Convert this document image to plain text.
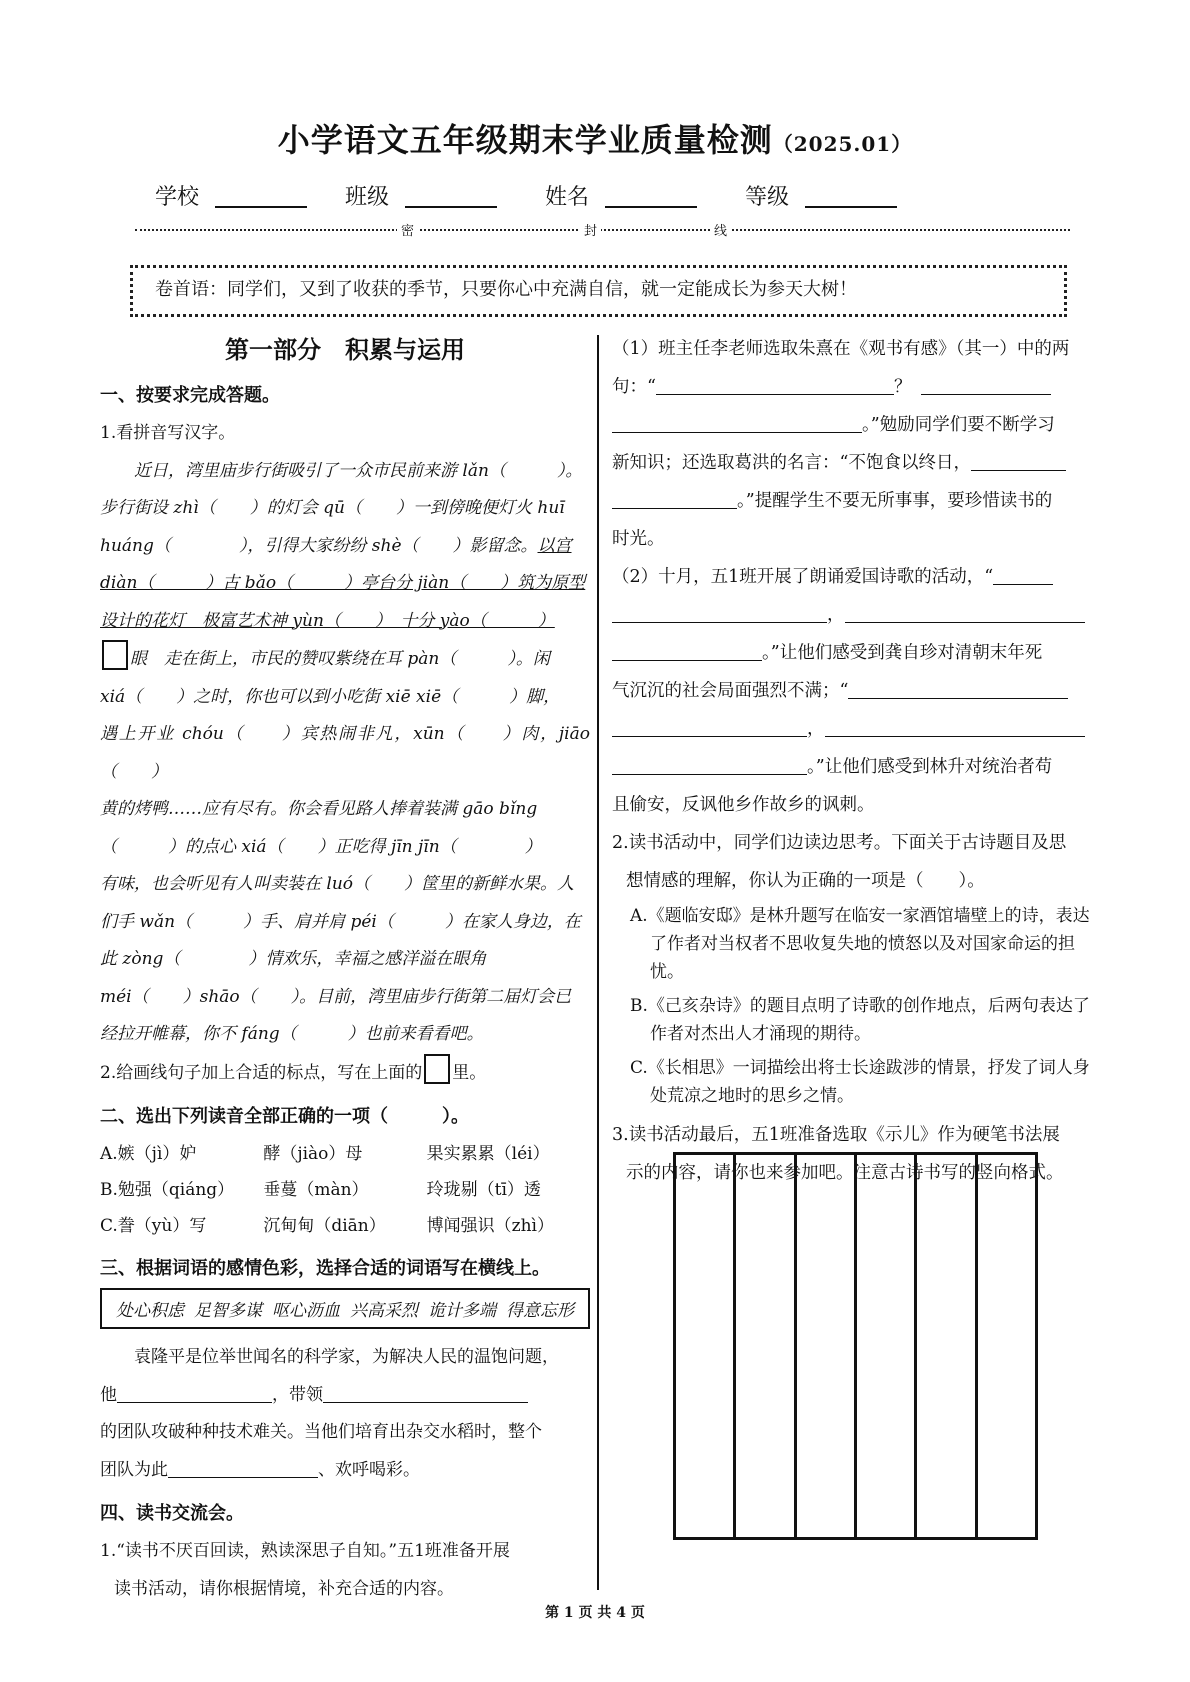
小学语文五年级期末学业质量检测（2025.01）
学校	班级	姓名	等级
密	封	线
卷首语：同学们，又到了收获的季节，只要你心中充满自信，就一定能成长为参天大树！
第一部分　积累与运用
一、按要求完成答题。

1.看拼音写汉字。

近日，湾里庙步行街吸引了一众市民前来游 lǎn（　　　）。

步行街设 zhì（　　）的灯会 qū（　　）一到傍晚便灯火 huī

huáng（　　　　），引得大家纷纷 shè（　　）影留念。以宫

diàn（　　　）古 bǎo（　　　）亭台分 jiàn（　　）筑为原型

设计的花灯　极富艺术神 yùn（　　）　十分 yào（　　　）

眼　走在街上，市民的赞叹紫绕在耳 pàn（　　　）。闲

xiá（　　）之时，你也可以到小吃街 xiē xiē（　　　）脚，

遇上开业 chóu（　　）宾热闹非凡，xūn（　　）肉，jiāo（　　）

黄的烤鸭……应有尽有。你会看见路人捧着装满 gāo bǐng

（　　　）的点心 xiá（　　）正吃得 jīn jīn（　　　　）

有味，也会听见有人叫卖装在 luó（　　）筐里的新鲜水果。人

们手 wǎn（　　　）手、肩并肩 péi（　　　）在家人身边，在

此 zòng（　　　　）情欢乐，幸福之感洋溢在眼角

méi（　　）shāo（　　）。目前，湾里庙步行街第二届灯会已

经拉开帷幕，你不 fáng（　　　）也前来看看吧。

2.给画线句子加上合适的标点，写在上面的 里。

二、选出下列读音全部正确的一项（　　　）。
A.嫉（jì）妒	酵（jiào）母	果实累累（léi）
B.勉强（qiáng）	垂蔓（màn）	玲珑剔（tī）透
C.誊（yù）写	沉甸甸（diān）	博闻强识（zhì）
三、根据词语的感情色彩，选择合适的词语写在横线上。
处心积虑 足智多谋 呕心沥血 兴高采烈 诡计多端 得意忘形

袁隆平是位举世闻名的科学家，为解决人民的温饱问题，

他	，带领

的团队攻破种种技术难关。当他们培育出杂交水稻时，整个

团队为此	、欢呼喝彩。

四、读书交流会。

1.“读书不厌百回读，熟读深思子自知。”五1班准备开展

读书活动，请你根据情境，补充合适的内容。

（1）班主任李老师选取朱熹在《观书有感》（其一）中的两

句：“	？

。”勉励同学们要不断学习

新知识；还选取葛洪的名言：“不饱食以终日，

。”提醒学生不要无所事事，要珍惜读书的

时光。

（2）十月，五1班开展了朗诵爱国诗歌的活动，“

，

。”让他们感受到龚自珍对清朝末年死

气沉沉的社会局面强烈不满；“

，

。”让他们感受到林升对统治者苟

且偷安，反讽他乡作故乡的讽刺。

2.读书活动中，同学们边读边思考。下面关于古诗题目及思

想情感的理解，你认为正确的一项是（　　）。

A.《题临安邸》是林升题写在临安一家酒馆墙壁上的诗，表达了作者对当权者不思收复失地的愤怒以及对国家命运的担忧。

B.《己亥杂诗》的题目点明了诗歌的创作地点，后两句表达了作者对杰出人才涌现的期待。

C.《长相思》一词描绘出将士长途跋涉的情景，抒发了词人身处荒凉之地时的思乡之情。

3.读书活动最后，五1班准备选取《示儿》作为硬笔书法展

示的内容，请你也来参加吧。注意古诗书写的竖向格式。

第 1 页 共 4 页
